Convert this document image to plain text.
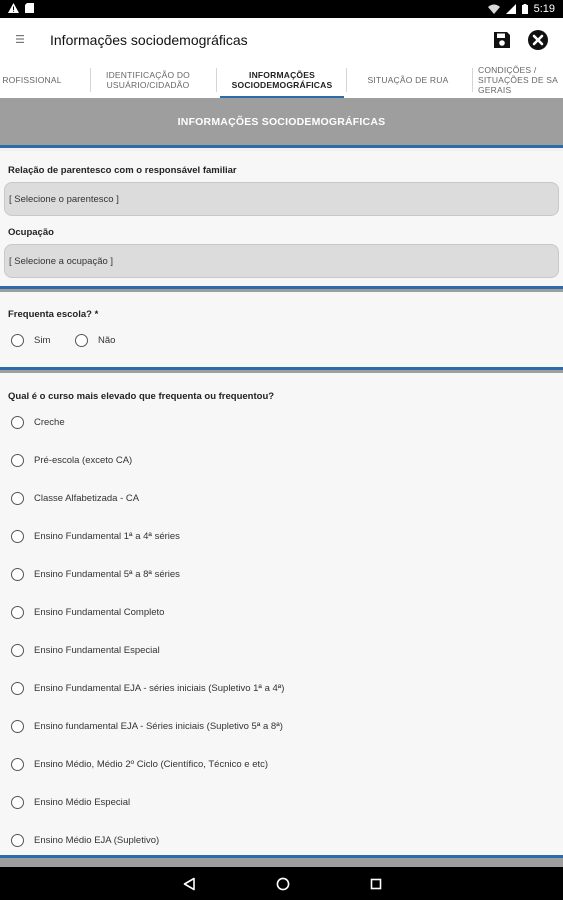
5:19
Informações sociodemográficas
ROFISSIONAL	IDENTIFICAÇÃO DO USUÁRIO/CIDADÃO
INFORMAÇÕES SOCIODEMOGRÁFICAS	SITUAÇÃO DE RUA
CONDIÇÕES / SITUAÇÕES DE SA GERAIS
INFORMAÇÕES SOCIODEMOGRÁFICAS
Relação de parentesco com o responsável familiar
[ Selecione o parentesco ]
Ocupação
[ Selecione a ocupação ]
Frequenta escola? *
Sim	Não
Qual é o curso mais elevado que frequenta ou frequentou?
Creche
Pré-escola (exceto CA)
Classe Alfabetizada - CA
Ensino Fundamental 1ª a 4ª séries
Ensino Fundamental 5ª a 8ª séries
Ensino Fundamental Completo
Ensino Fundamental Especial
Ensino Fundamental EJA - séries iniciais (Supletivo 1ª a 4ª)
Ensino fundamental EJA - Séries iniciais (Supletivo 5ª a 8ª)
Ensino Médio, Médio 2º Ciclo (Científico, Técnico e etc)
Ensino Médio Especial
Ensino Médio EJA (Supletivo)
